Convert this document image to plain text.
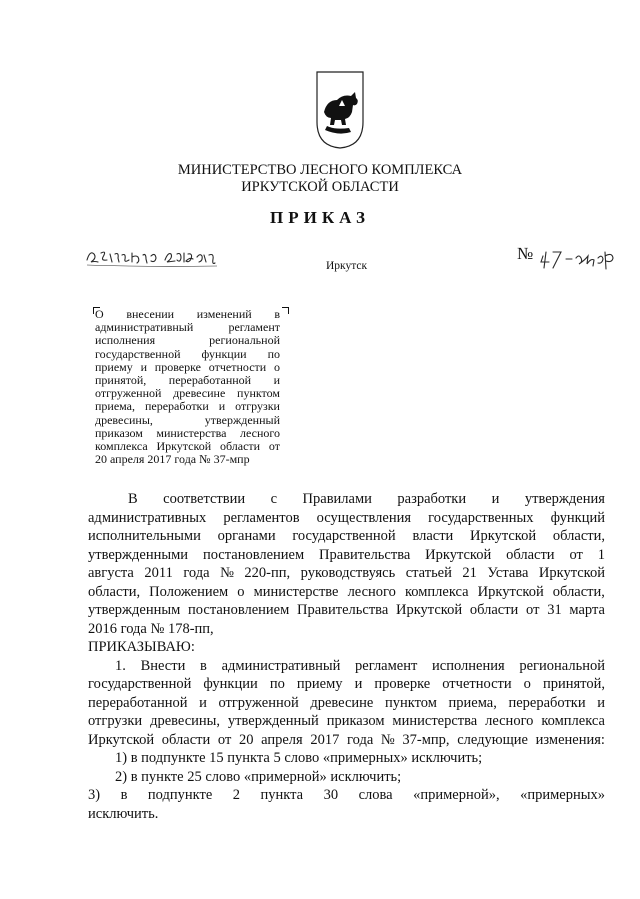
МИНИСТЕРСТВО ЛЕСНОГО КОМПЛЕКСА
ИРКУТСКОЙ ОБЛАСТИ
ПРИКАЗ
№
Иркутск
О внесении изменений в
административный	регламент
исполнения	региональной
государственной функции по
приему и проверке отчетности о
принятой, переработанной и
отгруженной древесине пунктом
приема, переработки и отгрузки
древесины,	утвержденный
приказом министерства лесного
комплекса Иркутской области от
20 апреля 2017 года № 37-мпр
В соответствии с Правилами разработки и утверждения
административных регламентов осуществления государственных функций
исполнительными органами государственной власти Иркутской области,
утвержденными постановлением Правительства Иркутской области от 1
августа 2011 года № 220-пп, руководствуясь статьей 21 Устава Иркутской
области, Положением о министерстве лесного комплекса Иркутской области,
утвержденным постановлением Правительства Иркутской области от 31 марта
2016 года № 178-пп,
ПРИКАЗЫВАЮ:
1. Внести в административный регламент исполнения региональной
государственной функции по приему и проверке отчетности о принятой,
переработанной и отгруженной древесине пунктом приема, переработки и
отгрузки древесины, утвержденный приказом министерства лесного комплекса
Иркутской области от 20 апреля 2017 года № 37-мпр, следующие изменения:
1) в подпункте 15 пункта 5 слово «примерных» исключить;
2) в пункте 25 слово «примерной» исключить;
3) в подпункте 2 пункта 30 слова «примерной», «примерных»
исключить.
